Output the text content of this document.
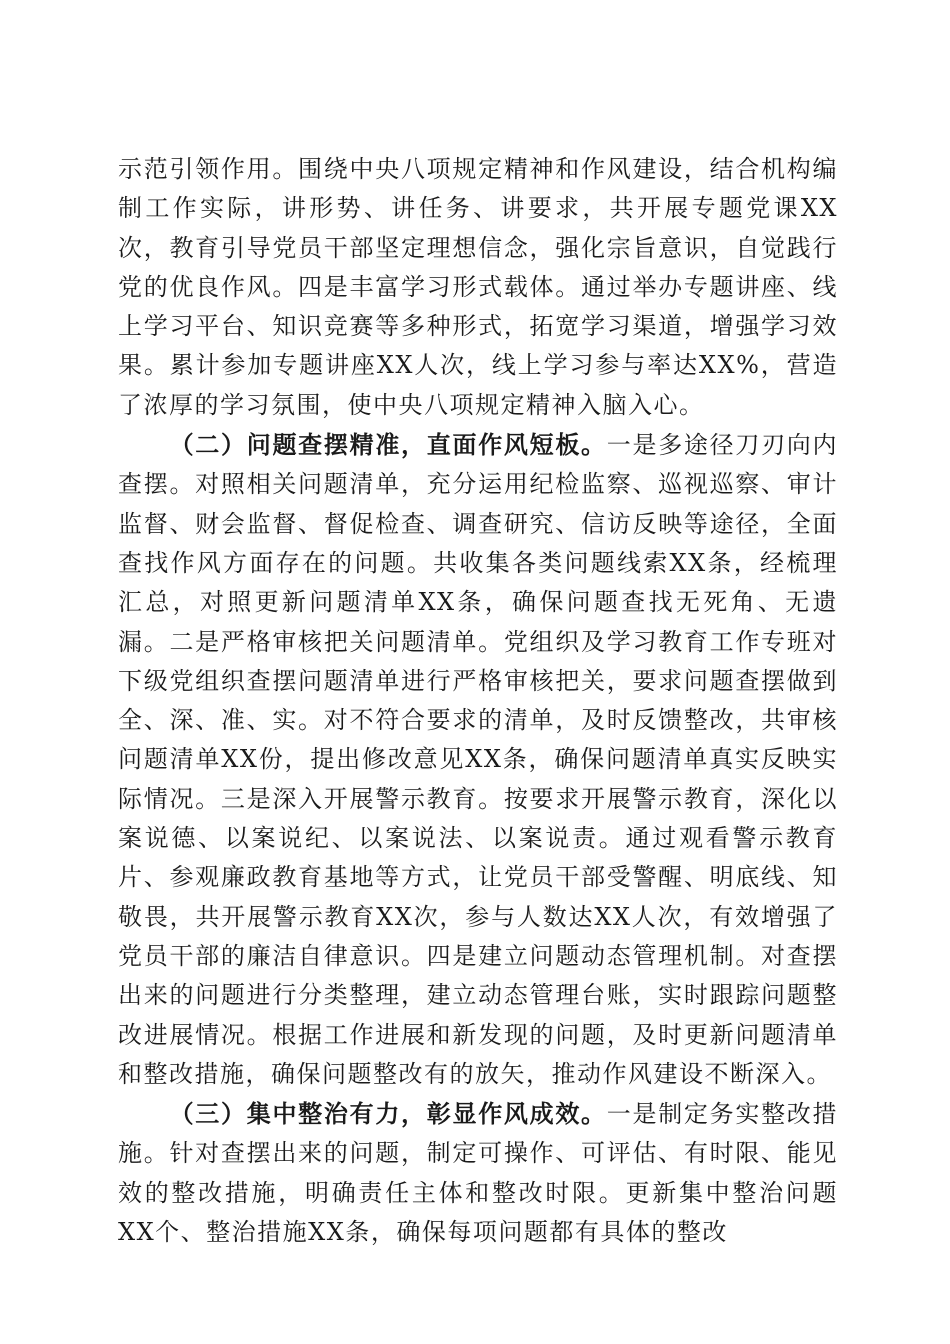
示范引领作用。围绕中央八项规定精神和作风建设，结合机构编制工作实际，讲形势、讲任务、讲要求，共开展专题党课XX次，教育引导党员干部坚定理想信念，强化宗旨意识，自觉践行党的优良作风。四是丰富学习形式载体。通过举办专题讲座、线上学习平台、知识竞赛等多种形式，拓宽学习渠道，增强学习效果。累计参加专题讲座XX人次，线上学习参与率达XX%，营造了浓厚的学习氛围，使中央八项规定精神入脑入心。

（二）问题查摆精准，直面作风短板。一是多途径刀刃向内查摆。对照相关问题清单，充分运用纪检监察、巡视巡察、审计监督、财会监督、督促检查、调查研究、信访反映等途径，全面查找作风方面存在的问题。共收集各类问题线索XX条，经梳理汇总，对照更新问题清单XX条，确保问题查找无死角、无遗漏。二是严格审核把关问题清单。党组织及学习教育工作专班对下级党组织查摆问题清单进行严格审核把关，要求问题查摆做到全、深、准、实。对不符合要求的清单，及时反馈整改，共审核问题清单XX份，提出修改意见XX条，确保问题清单真实反映实际情况。三是深入开展警示教育。按要求开展警示教育，深化以案说德、以案说纪、以案说法、以案说责。通过观看警示教育片、参观廉政教育基地等方式，让党员干部受警醒、明底线、知敬畏，共开展警示教育XX次，参与人数达XX人次，有效增强了党员干部的廉洁自律意识。四是建立问题动态管理机制。对查摆出来的问题进行分类整理，建立动态管理台账，实时跟踪问题整改进展情况。根据工作进展和新发现的问题，及时更新问题清单和整改措施，确保问题整改有的放矢，推动作风建设不断深入。

（三）集中整治有力，彰显作风成效。一是制定务实整改措施。针对查摆出来的问题，制定可操作、可评估、有时限、能见效的整改措施，明确责任主体和整改时限。更新集中整治问题XX个、整治措施XX条，确保每项问题都有具体的整改
